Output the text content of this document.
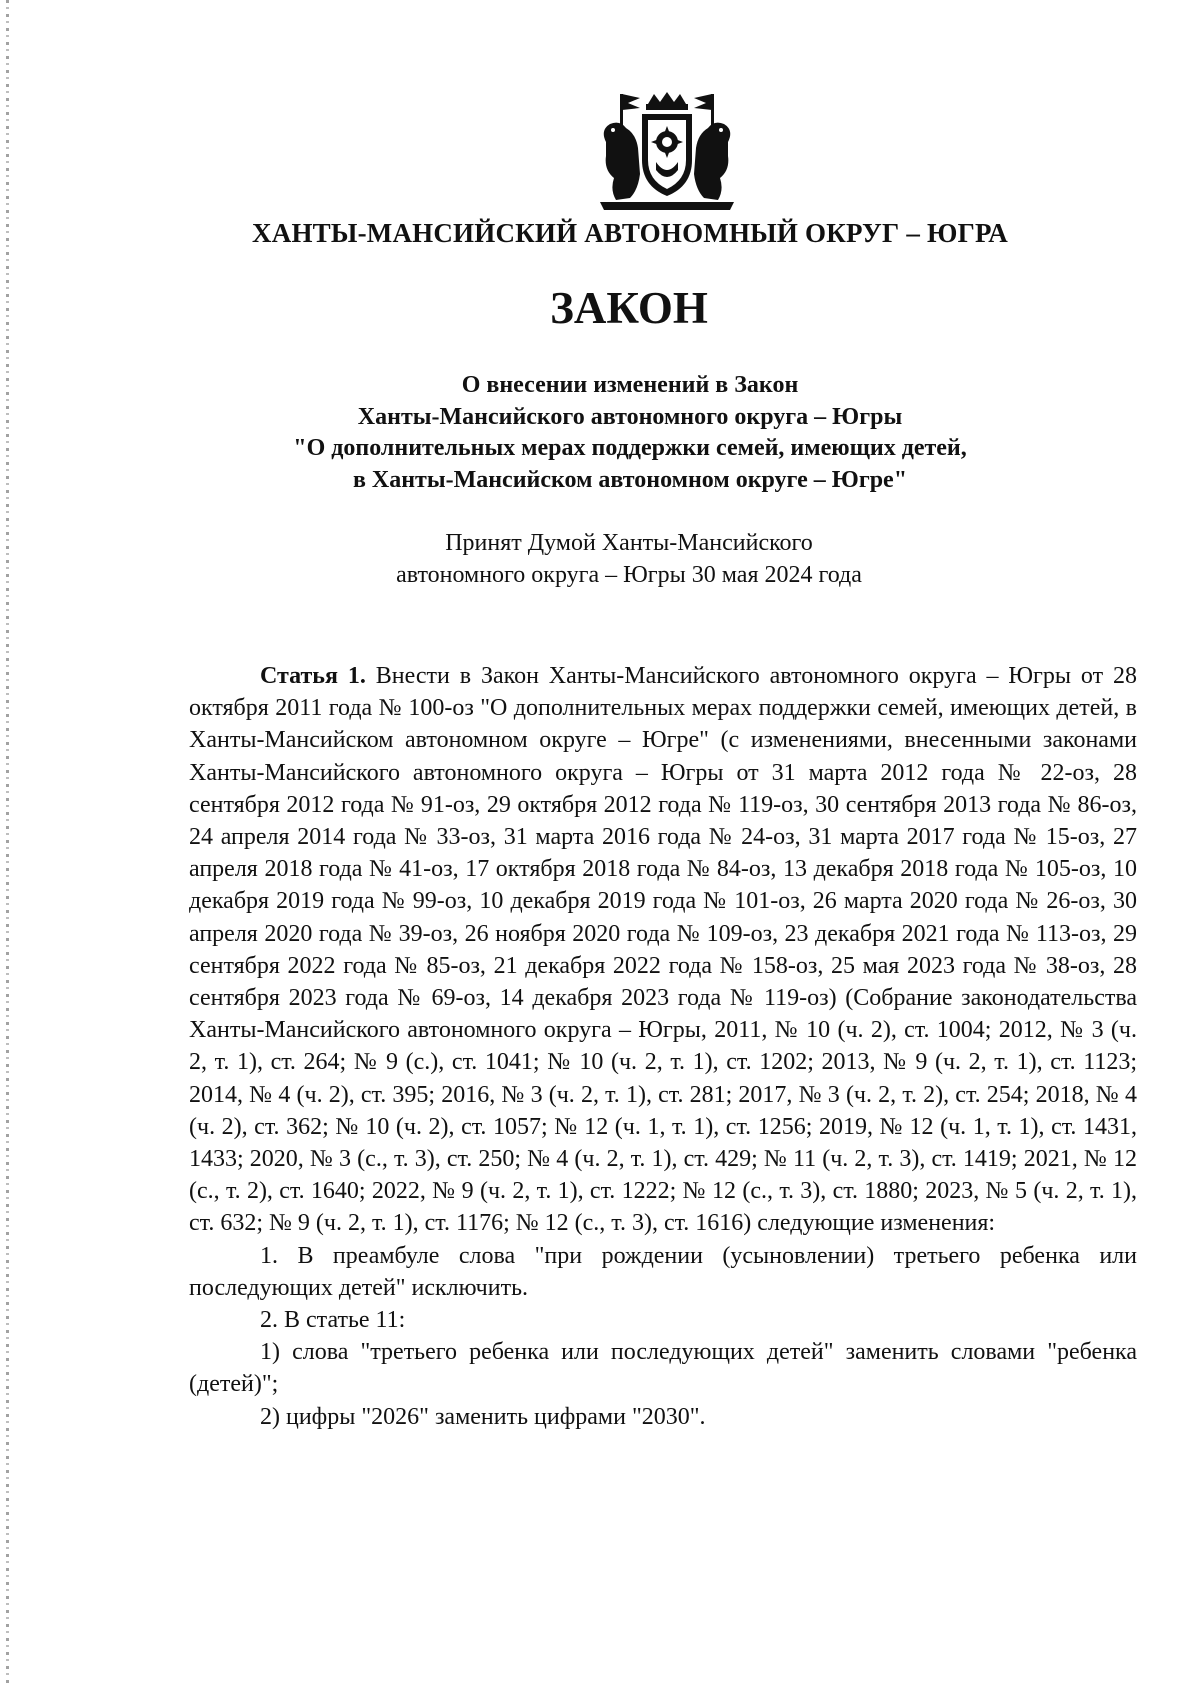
ХАНТЫ-МАНСИЙСКИЙ АВТОНОМНЫЙ ОКРУГ – ЮГРА
ЗАКОН
О внесении изменений в Закон
Ханты-Мансийского автономного округа – Югры
"О дополнительных мерах поддержки семей, имеющих детей,
в Ханты-Мансийском автономном округе – Югре"
Принят Думой Ханты-Мансийского
автономного округа – Югры 30 мая 2024 года

Статья 1. Внести в Закон Ханты-Мансийского автономного округа – Югры от 28 октября 2011 года № 100-оз "О дополнительных мерах поддержки семей, имеющих детей, в Ханты-Мансийском автономном округе – Югре" (с изменениями, внесенными законами Ханты-Мансийского автономного округа – Югры от 31 марта 2012 года № 22-оз, 28 сентября 2012 года № 91-оз, 29 октября 2012 года № 119-оз, 30 сентября 2013 года № 86-оз, 24 апреля 2014 года № 33-оз, 31 марта 2016 года № 24-оз, 31 марта 2017 года № 15-оз, 27 апреля 2018 года № 41-оз, 17 октября 2018 года № 84-оз, 13 декабря 2018 года № 105-оз, 10 декабря 2019 года № 99-оз, 10 декабря 2019 года № 101-оз, 26 марта 2020 года № 26-оз, 30 апреля 2020 года № 39-оз, 26 ноября 2020 года № 109-оз, 23 декабря 2021 года № 113-оз, 29 сентября 2022 года № 85-оз, 21 декабря 2022 года № 158-оз, 25 мая 2023 года № 38-оз, 28 сентября 2023 года № 69-оз, 14 декабря 2023 года № 119-оз) (Собрание законодательства Ханты-Мансийского автономного округа – Югры, 2011, № 10 (ч. 2), ст. 1004; 2012, № 3 (ч. 2, т. 1), ст. 264; № 9 (с.), ст. 1041; № 10 (ч. 2, т. 1), ст. 1202; 2013, № 9 (ч. 2, т. 1), ст. 1123; 2014, № 4 (ч. 2), ст. 395; 2016, № 3 (ч. 2, т. 1), ст. 281; 2017, № 3 (ч. 2, т. 2), ст. 254; 2018, № 4 (ч. 2), ст. 362; № 10 (ч. 2), ст. 1057; № 12 (ч. 1, т. 1), ст. 1256; 2019, № 12 (ч. 1, т. 1), ст. 1431, 1433; 2020, № 3 (с., т. 3), ст. 250; № 4 (ч. 2, т. 1), ст. 429; № 11 (ч. 2, т. 3), ст. 1419; 2021, № 12 (с., т. 2), ст. 1640; 2022, № 9 (ч. 2, т. 1), ст. 1222; № 12 (с., т. 3), ст. 1880; 2023, № 5 (ч. 2, т. 1), ст. 632; № 9 (ч. 2, т. 1), ст. 1176; № 12 (с., т. 3), ст. 1616) следующие изменения:

1. В преамбуле слова "при рождении (усыновлении) третьего ребенка или последующих детей" исключить.

2. В статье 11:

1) слова "третьего ребенка или последующих детей" заменить словами "ребенка (детей)";

2) цифры "2026" заменить цифрами "2030".
